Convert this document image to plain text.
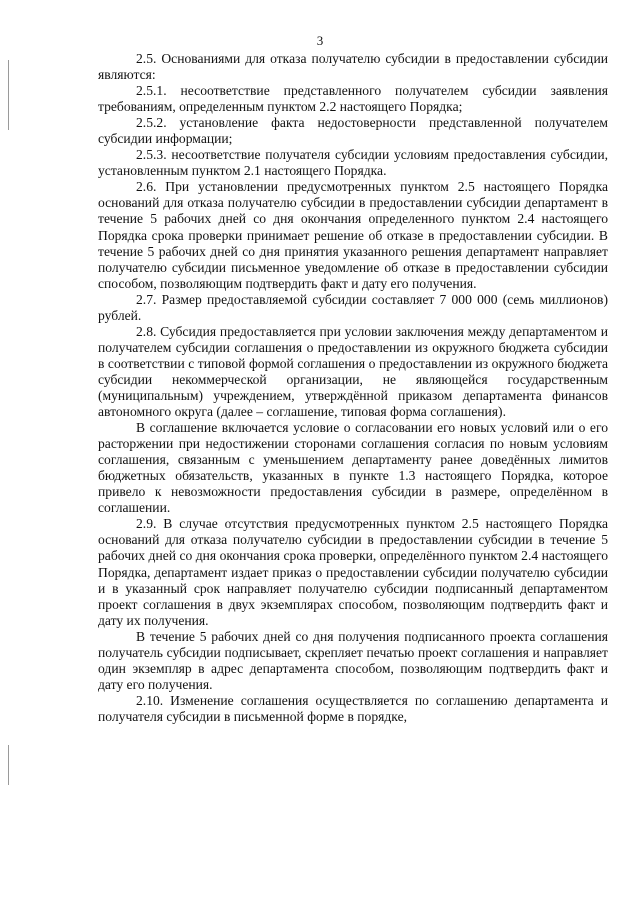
3

2.5. Основаниями для отказа получателю субсидии в предоставлении субсидии являются:

2.5.1. несоответствие представленного получателем субсидии заявления требованиям, определенным пунктом 2.2 настоящего Порядка;

2.5.2. установление факта недостоверности представленной получателем субсидии информации;

2.5.3. несоответствие получателя субсидии условиям предоставления субсидии, установленным пунктом 2.1 настоящего Порядка.

2.6. При установлении предусмотренных пунктом 2.5 настоящего Порядка оснований для отказа получателю субсидии в предоставлении субсидии департамент в течение 5 рабочих дней со дня окончания определенного пунктом 2.4 настоящего Порядка срока проверки принимает решение об отказе в предоставлении субсидии. В течение 5 рабочих дней со дня принятия указанного решения департамент направляет получателю субсидии письменное уведомление об отказе в предоставлении субсидии способом, позволяющим подтвердить факт и дату его получения.

2.7. Размер предоставляемой субсидии составляет 7 000 000 (семь миллионов) рублей.

2.8. Субсидия предоставляется при условии заключения между департаментом и получателем субсидии соглашения о предоставлении из окружного бюджета субсидии в соответствии с типовой формой соглашения о предоставлении из окружного бюджета субсидии некоммерческой организации, не являющейся государственным (муниципальным) учреждением, утверждённой приказом департамента финансов автономного округа (далее – соглашение, типовая форма соглашения).

В соглашение включается условие о согласовании его новых условий или о его расторжении при недостижении сторонами соглашения согласия по новым условиям соглашения, связанным с уменьшением департаменту ранее доведённых лимитов бюджетных обязательств, указанных в пункте 1.3 настоящего Порядка, которое привело к невозможности предоставления субсидии в размере, определённом в соглашении.

2.9. В случае отсутствия предусмотренных пунктом 2.5 настоящего Порядка оснований для отказа получателю субсидии в предоставлении субсидии в течение 5 рабочих дней со дня окончания срока проверки, определённого пунктом 2.4 настоящего Порядка, департамент издает приказ о предоставлении субсидии получателю субсидии и в указанный срок направляет получателю субсидии подписанный департаментом проект соглашения в двух экземплярах способом, позволяющим подтвердить факт и дату их получения.

В течение 5 рабочих дней со дня получения подписанного проекта соглашения получатель субсидии подписывает, скрепляет печатью проект соглашения и направляет один экземпляр в адрес департамента способом, позволяющим подтвердить факт и дату его получения.

2.10. Изменение соглашения осуществляется по соглашению департамента и получателя субсидии в письменной форме в порядке,
